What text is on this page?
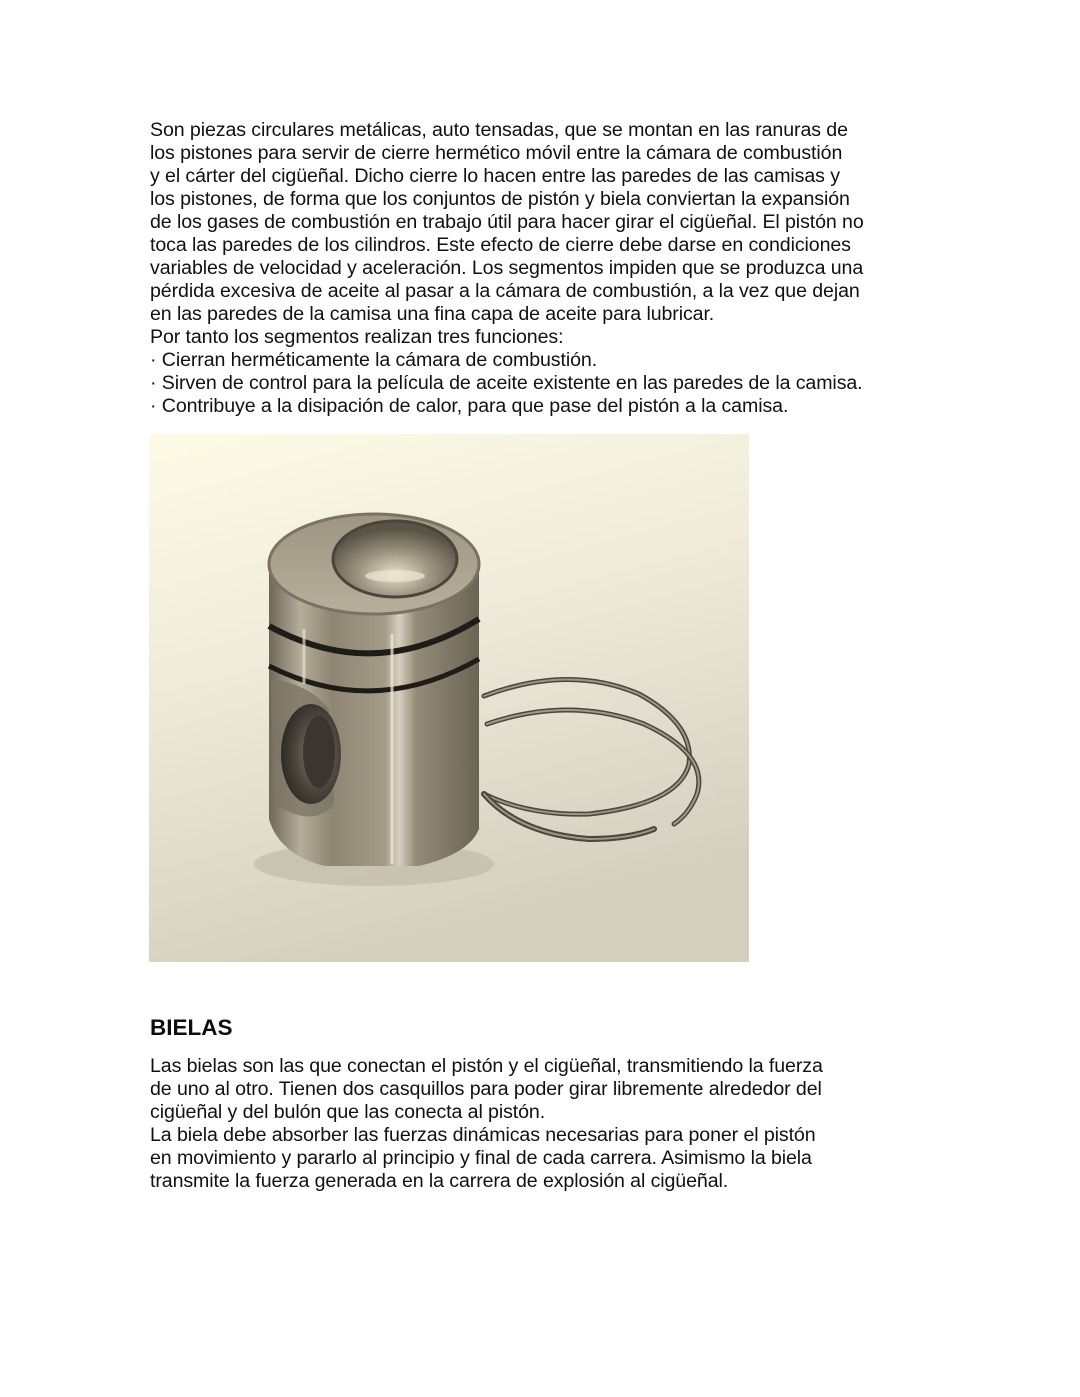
Son piezas circulares metálicas, auto tensadas, que se montan en las ranuras de
los pistones para servir de cierre hermético móvil entre la cámara de combustión
y el cárter del cigüeñal. Dicho cierre lo hacen entre las paredes de las camisas y
los pistones, de forma que los conjuntos de pistón y biela conviertan la expansión
de los gases de combustión en trabajo útil para hacer girar el cigüeñal. El pistón no
toca las paredes de los cilindros. Este efecto de cierre debe darse en condiciones
variables de velocidad y aceleración. Los segmentos impiden que se produzca una
pérdida excesiva de aceite al pasar a la cámara de combustión, a la vez que dejan
en las paredes de la camisa una fina capa de aceite para lubricar.
Por tanto los segmentos realizan tres funciones:
· Cierran herméticamente la cámara de combustión.
· Sirven de control para la película de aceite existente en las paredes de la camisa.
· Contribuye a la disipación de calor, para que pase del pistón a la camisa.
BIELAS
Las bielas son las que conectan el pistón y el cigüeñal, transmitiendo la fuerza
de uno al otro. Tienen dos casquillos para poder girar libremente alrededor del
cigüeñal y del bulón que las conecta al pistón.
La biela debe absorber las fuerzas dinámicas necesarias para poner el pistón
en movimiento y pararlo al principio y final de cada carrera. Asimismo la biela
transmite la fuerza generada en la carrera de explosión al cigüeñal.
